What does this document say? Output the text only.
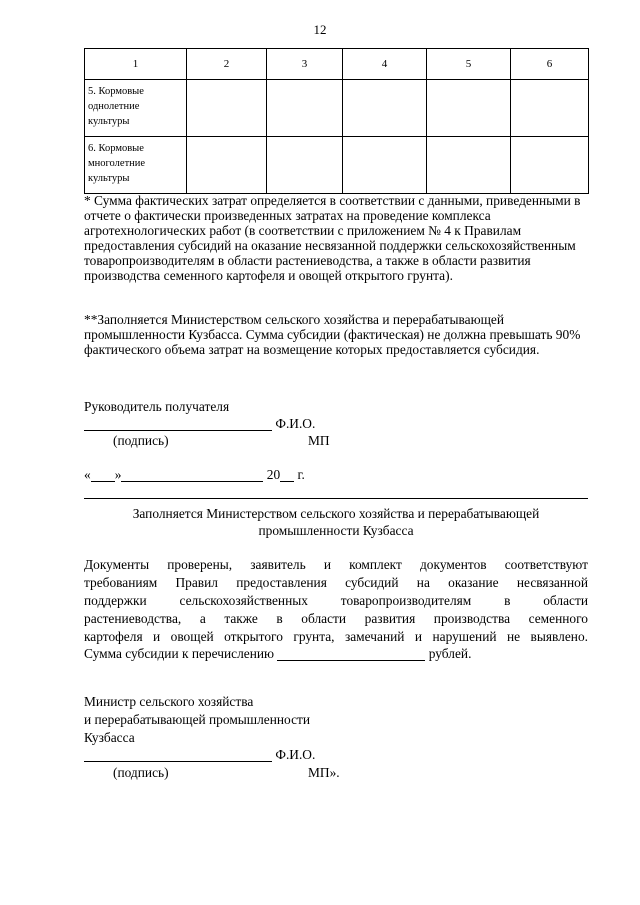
12
1	2	3	4	5	6
5. Кормовые однолетние культуры					
6. Кормовые многолетние культуры					
* Сумма фактических затрат определяется в соответствии с данными, приведенными в отчете о фактически произведенных затратах на проведение комплекса агротехнологических работ (в соответствии с приложением № 4 к Правилам предоставления субсидий на оказание несвязанной поддержки сельскохозяйственным товаропроизводителям в области растениеводства, а также в области развития производства семенного картофеля и овощей открытого грунта).
**Заполняется Министерством сельского хозяйства и перерабатывающей промышленности Кузбасса. Сумма субсидии (фактическая) не должна превышать 90% фактического объема затрат на возмещение которых предоставляется субсидия.
Руководитель получателя
Ф.И.О.
(подпись)	МП
« »	20 г.
Заполняется Министерством сельского хозяйства и перерабатывающей промышленности Кузбасса
Документы проверены, заявитель и комплект документов соответствуют
требованиям Правил предоставления субсидий на оказание несвязанной
поддержки сельскохозяйственных товаропроизводителям в области
растениеводства, а также в области развития производства семенного
картофеля и овощей открытого грунта, замечаний и нарушений не выявлено.
Сумма субсидии к перечислению	рублей.
Министр сельского хозяйства
и перерабатывающей промышленности
Кузбасса
Ф.И.О.
(подпись)	МП».
